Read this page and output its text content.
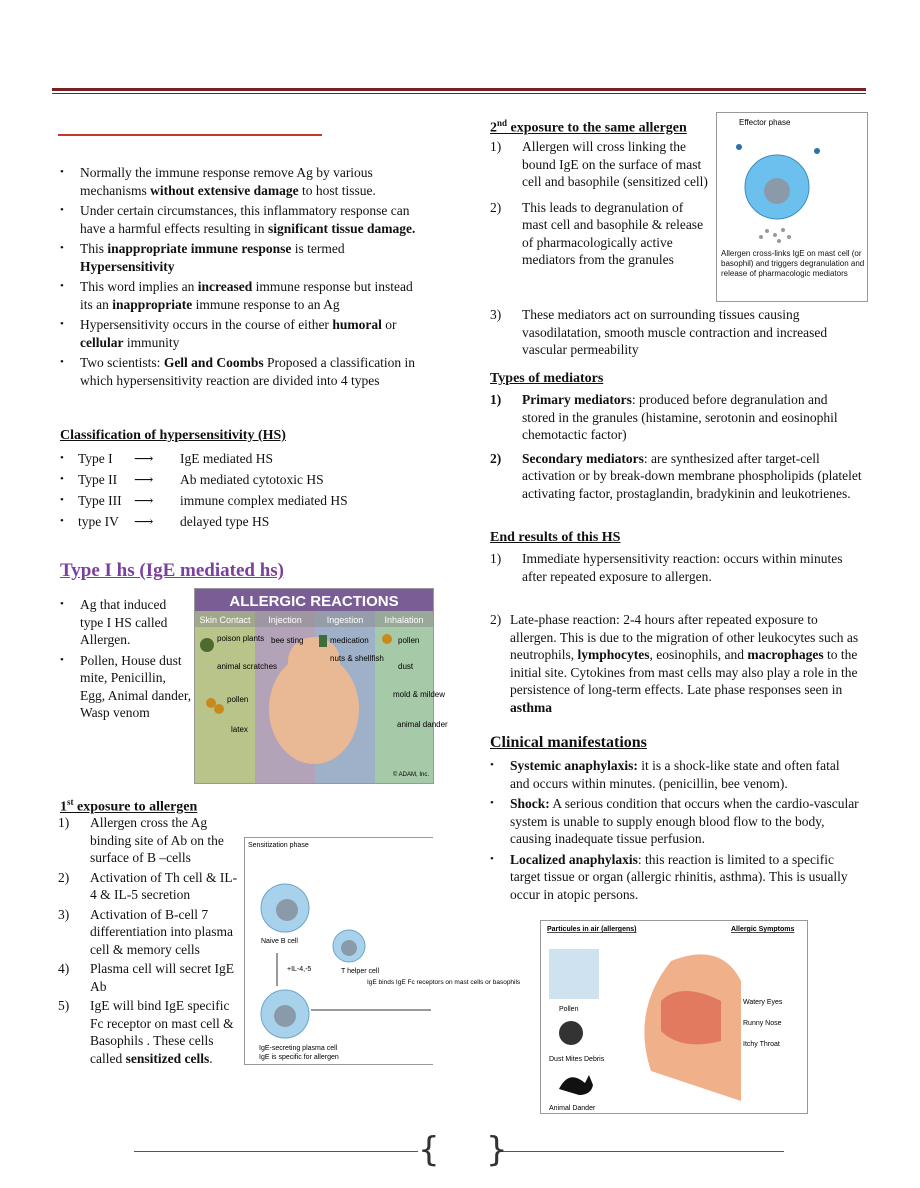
• Normally the immune response remove Ag by various mechanisms without extensive damage to host tissue.
• Under certain circumstances, this inflammatory response can have a harmful effects resulting in significant tissue damage.
• This inappropriate immune response is termed Hypersensitivity
• This word implies an increased immune response but instead its an inappropriate immune response to an Ag
• Hypersensitivity occurs in the course of either humoral or cellular immunity
• Two scientists: Gell and Coombs Proposed a classification in which hypersensitivity reaction are divided into 4 types
Classification of hypersensitivity (HS)
• Type I ⟶ IgE mediated HS
• Type II ⟶ Ab mediated cytotoxic HS
• Type III ⟶ immune complex mediated HS
• type IV ⟶ delayed type HS
Type I hs (IgE mediated hs)
• Ag that induced type I HS called Allergen.
• Pollen, House dust mite, Penicillin, Egg, Animal dander, Wasp venom
ALLERGIC REACTIONS
Skin Contact Injection	Ingestion Inhalation
poison plants
animal scratches
pollen
latex
bee sting	medication
nuts & shellfish
pollen
dust
mold & mildew
animal dander
© ADAM, Inc.
1st exposure to allergen
1) Allergen cross the Ag binding site of Ab on the surface of B –cells
2) Activation of Th cell & IL-4 & IL-5 secretion
3) Activation of B-cell 7 differentiation into plasma cell & memory cells
4) Plasma cell will secret IgE Ab
5) IgE will bind IgE specific Fc receptor on mast cell & Basophils . These cells called sensitized cells.
Sensitization phase
Naive B cell
+IL-4,-5	T helper cell
IgE-secreting plasma cell
IgE is specific for allergen
IgE binds IgE Fc receptors on mast cells or basophils
2nd exposure to the same allergen
1) Allergen will cross linking the bound IgE on the surface of mast cell and basophile (sensitized cell)
2) This leads to degranulation of mast cell and basophile & release of pharmacologically active mediators from the granules
3) These mediators act on surrounding tissues causing vasodilatation, smooth muscle contraction and increased vascular permeability
Effector phase
Allergen cross-links IgE on mast cell (or basophil) and triggers degranulation and release of pharmacologic mediators
Types of mediators
1) Primary mediators: produced before degranulation and stored in the granules (histamine, serotonin and eosinophil chemotactic factor)
2) Secondary mediators: are synthesized after target-cell activation or by break-down membrane phospholipids (platelet activating factor, prostaglandin, bradykinin and leukotrienes.
End results of this HS
1) Immediate hypersensitivity reaction: occurs within minutes after repeated exposure to allergen.
2) Late-phase reaction: 2-4 hours after repeated exposure to allergen. This is due to the migration of other leukocytes such as neutrophils, lymphocytes, eosinophils, and macrophages to the initial site. Cytokines from mast cells may also play a role in the persistence of long-term effects. Late phase responses seen in asthma
Clinical manifestations
• Systemic anaphylaxis: it is a shock-like state and often fatal and occurs within minutes. (penicillin, bee venom).
• Shock: A serious condition that occurs when the cardio-vascular system is unable to supply enough blood flow to the body, causing inadequate tissue perfusion.
• Localized anaphylaxis: this reaction is limited to a specific target tissue or organ (allergic rhinitis, asthma). This is usually occur in atopic persons.
Particules in air (allergens)	Allergic Symptoms
Pollen
Dust Mites Debris
Animal Dander
Watery Eyes
Runny Nose
Itchy Throat
{ }
